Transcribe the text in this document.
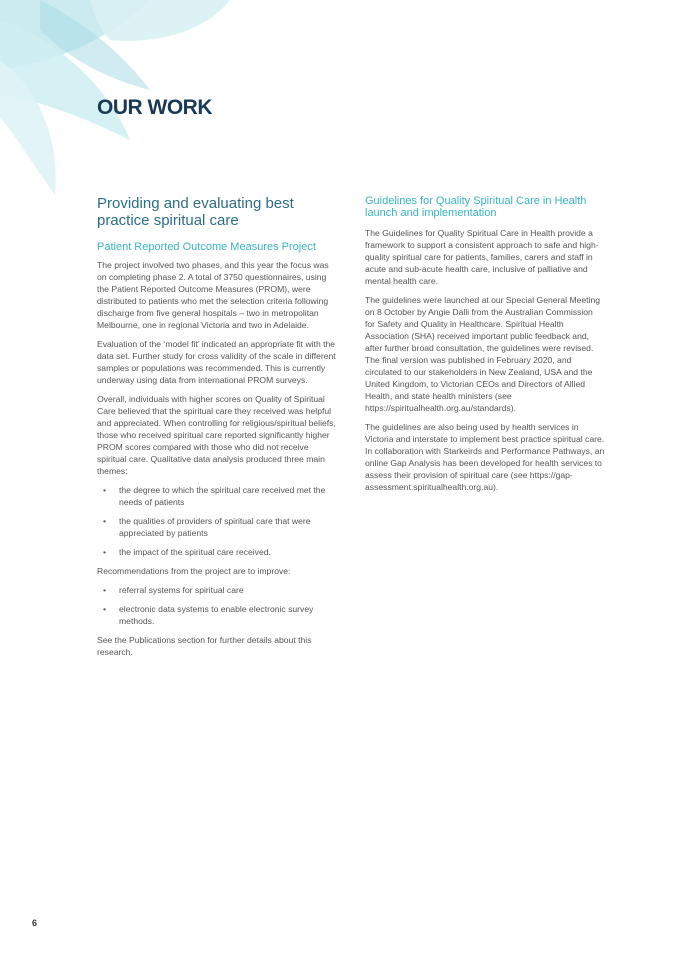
OUR WORK
Providing and evaluating best practice spiritual care
Patient Reported Outcome Measures Project

The project involved two phases, and this year the focus was on completing phase 2. A total of 3750 questionnaires, using the Patient Reported Outcome Measures (PROM), were distributed to patients who met the selection criteria following discharge from five general hospitals – two in metropolitan Melbourne, one in regional Victoria and two in Adelaide.

Evaluation of the ‘model fit’ indicated an appropriate fit with the data set. Further study for cross validity of the scale in different samples or populations was recommended. This is currently underway using data from international PROM surveys.

Overall, individuals with higher scores on Quality of Spiritual Care believed that the spiritual care they received was helpful and appreciated. When controlling for religious/spiritual beliefs, those who received spiritual care reported significantly higher PROM scores compared with those who did not receive spiritual care. Qualitative data analysis produced three main themes:

• the degree to which the spiritual care received met the needs of patients
• the qualities of providers of spiritual care that were appreciated by patients
• the impact of the spiritual care received.

Recommendations from the project are to improve:

• referral systems for spiritual care
• electronic data systems to enable electronic survey methods.

See the Publications section for further details about this research.

Guidelines for Quality Spiritual Care in Health launch and implementation

The Guidelines for Quality Spiritual Care in Health provide a framework to support a consistent approach to safe and high-quality spiritual care for patients, families, carers and staff in acute and sub-acute health care, inclusive of palliative and mental health care.

The guidelines were launched at our Special General Meeting on 8 October by Angie Dalli from the Australian Commission for Safety and Quality in Healthcare. Spiritual Health Association (SHA) received important public feedback and, after further broad consultation, the guidelines were revised. The final version was published in February 2020, and circulated to our stakeholders in New Zealand, USA and the United Kingdom, to Victorian CEOs and Directors of Allied Health, and state health ministers (see https://spiritualhealth.org.au/standards).

The guidelines are also being used by health services in Victoria and interstate to implement best practice spiritual care. In collaboration with Starkeirds and Performance Pathways, an online Gap Analysis has been developed for health services to assess their provision of spiritual care (see https://gap-assessment.spiritualhealth.org.au).

6
